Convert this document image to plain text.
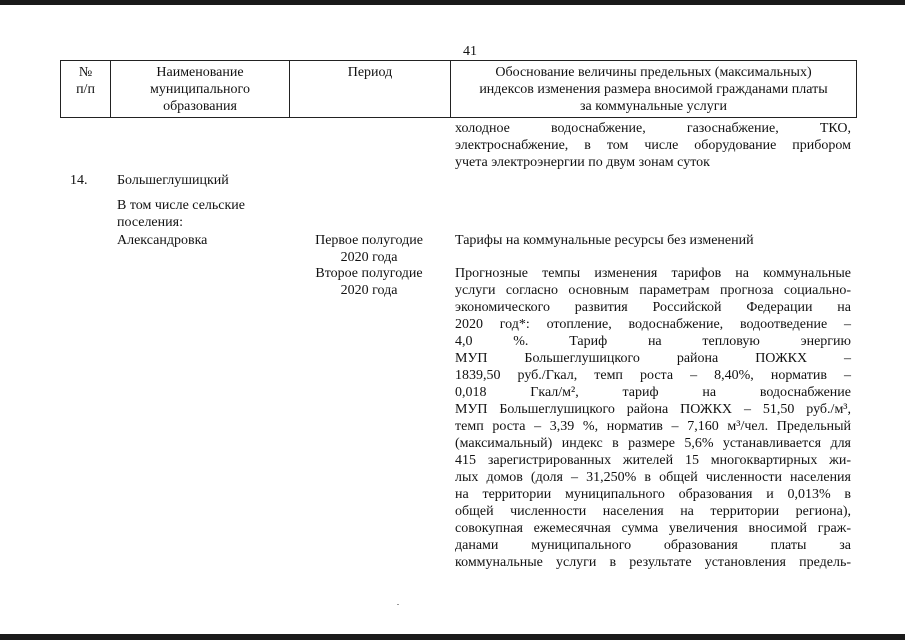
41
№
п/п
Наименование
муниципального
образования
Период	Обоснование величины предельных (максимальных)
индексов изменения размера вносимой гражданами платы
за коммунальные услуги
холодное водоснабжение, газоснабжение, ТКО,
электроснабжение, в том числе оборудование прибором
учета электроэнергии по двум зонам суток
14. Большеглушицкий
В том числе сельские
поселения:
Александровка	Первое полугодие
2020 года
Тарифы на коммунальные ресурсы без изменений
Второе полугодие
2020 года
Прогнозные темпы изменения тарифов на коммунальные
услуги согласно основным параметрам прогноза социально-
экономического развития Российской Федерации на
2020 год*: отопление, водоснабжение, водоотведение –
4,0 %. Тариф на тепловую энергию
МУП Большеглушицкого района ПОЖКХ –
1839,50 руб./Гкал, темп роста – 8,40%, норматив –
0,018 Гкал/м², тариф на водоснабжение
МУП Большеглушицкого района ПОЖКХ – 51,50 руб./м³,
темп роста – 3,39 %, норматив – 7,160 м³/чел. Предельный
(максимальный) индекс в размере 5,6% устанавливается для
415 зарегистрированных жителей 15 многоквартирных жи-
лых домов (доля – 31,250% в общей численности населения
на территории муниципального образования и 0,013% в
общей численности населения на территории региона),
совокупная ежемесячная сумма увеличения вносимой граж-
данами муниципального образования платы за
коммунальные услуги в результате установления предель-
